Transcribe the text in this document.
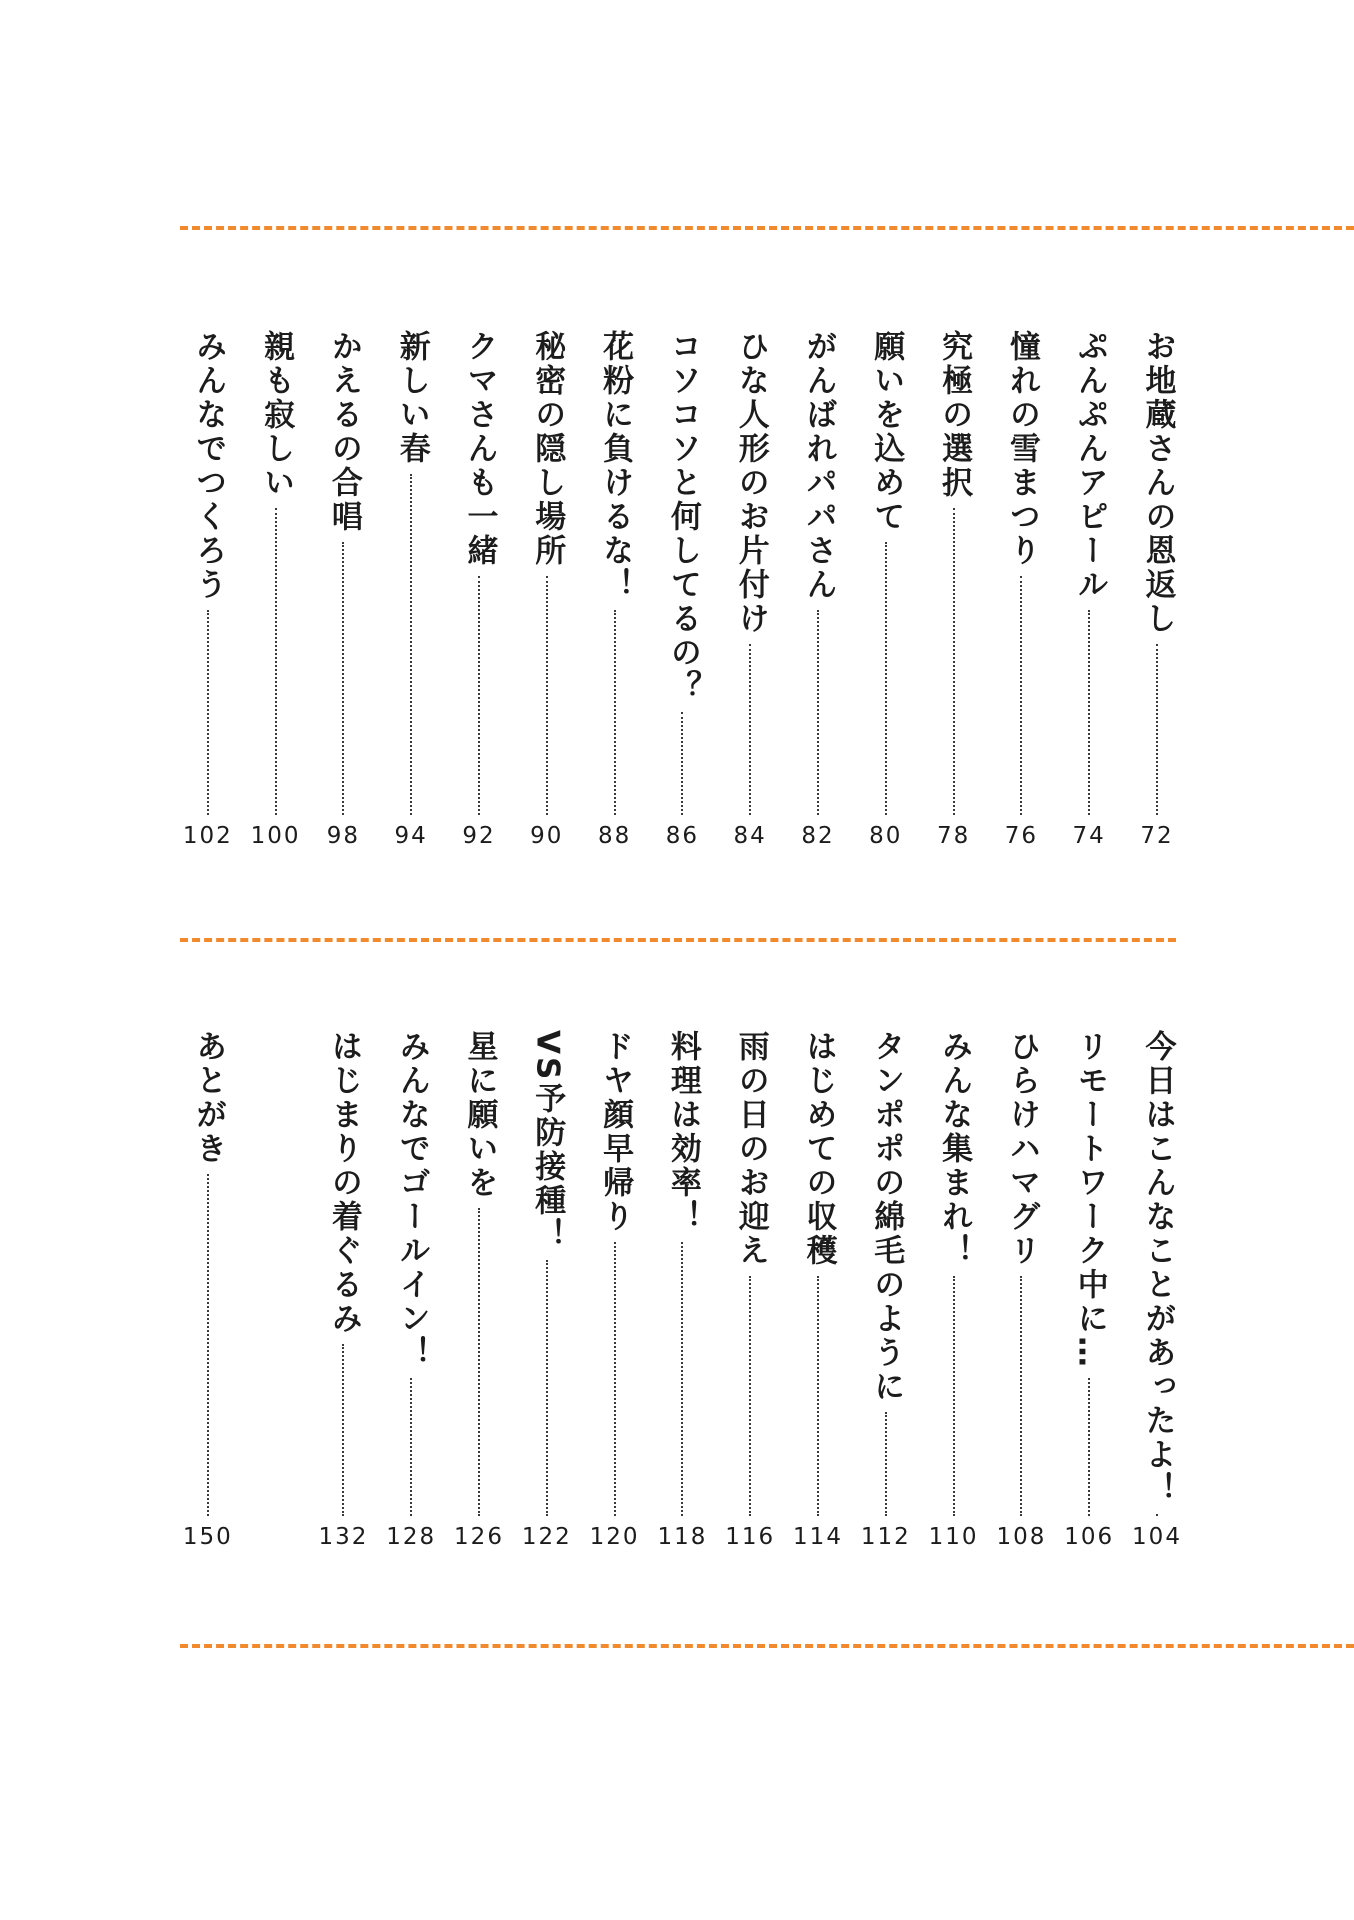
お地蔵さんの恩返し
72
ぷんぷんアピール
74
憧れの雪まつり
76
究極の選択
78
願いを込めて
80
がんばれパパさん
82
ひな人形のお片付け
84
コソコソと何してるの？
86
花粉に負けるな！
88
秘密の隠し場所
90
クマさんも一緒
92
新しい春
94
かえるの合唱
98
親も寂しい
100
みんなでつくろう
102
今日はこんなことがあったよ！
104
リモートワーク中に…
106
ひらけハマグリ
108
みんな集まれ！
110
タンポポの綿毛のように
112
はじめての収穫
114
雨の日のお迎え
116
料理は効率！
118
ドヤ顔早帰り
120
VS予防接種！
122
星に願いを
126
みんなでゴールイン！
128
はじまりの着ぐるみ
132
あとがき
150
